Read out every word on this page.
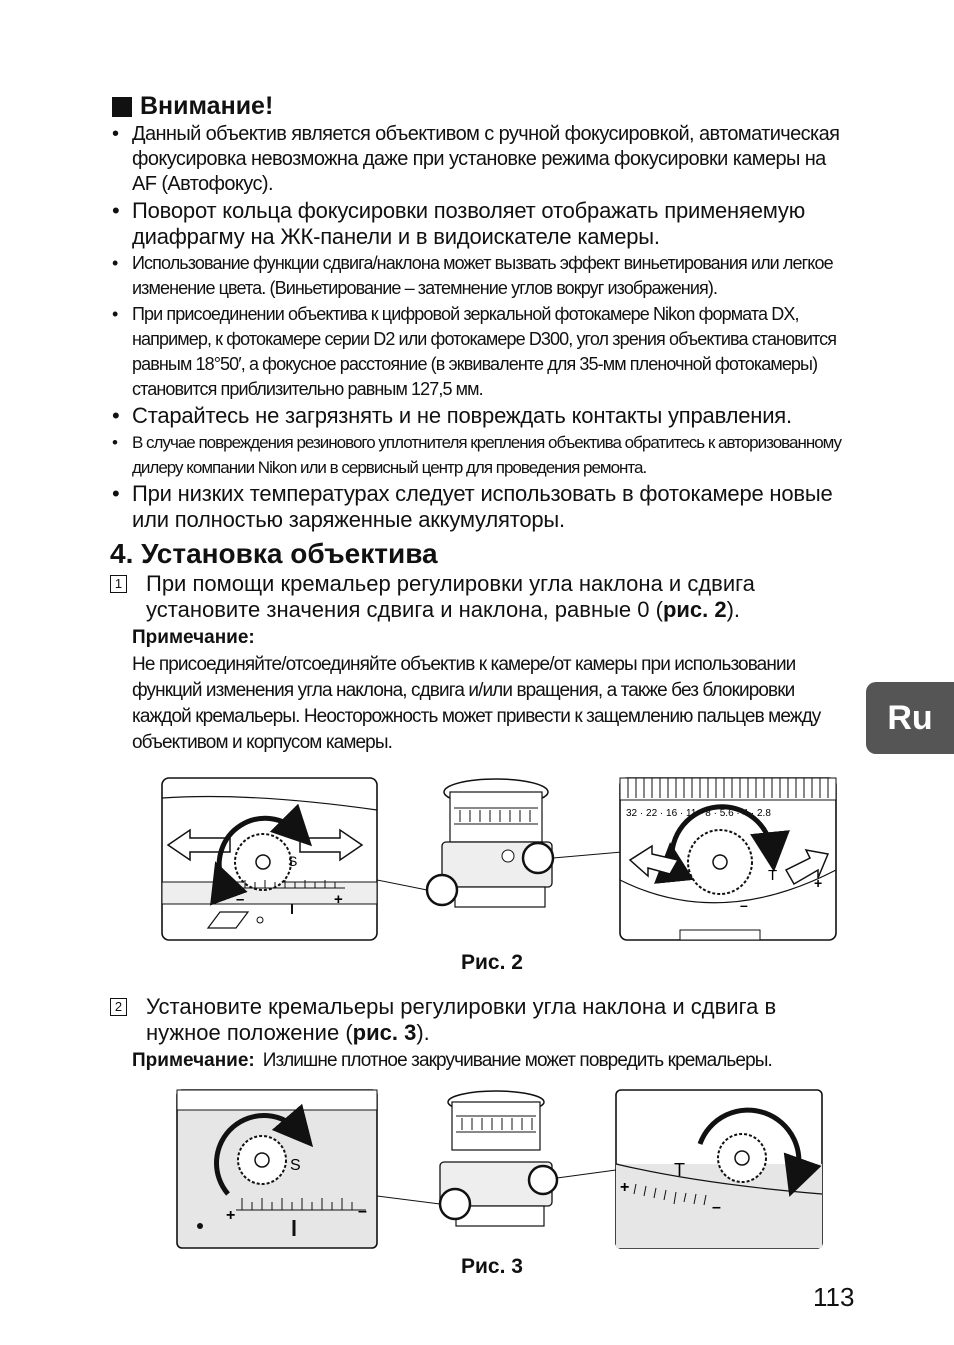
Внимание!
• Данный объектив является объективом с ручной фокусировкой, автоматическая фокусировка невозможна даже при установке режима фокусировки камеры на AF (Автофокус).
• Поворот кольца фокусировки позволяет отображать применяемую диафрагму на ЖК-панели и в видоискателе камеры.
• Использование функции сдвига/наклона может вызвать эффект виньетирования или легкое изменение цвета. (Виньетирование – затемнение углов вокруг изображения).
• При присоединении объектива к цифровой зеркальной фотокамере Nikon формата DX, например, к фотокамере серии D2 или фотокамере D300, угол зрения объектива становится равным 18°50′, а фокусное расстояние (в эквиваленте для 35-мм пленочной фотокамеры) становится приблизительно равным 127,5 мм.
• Старайтесь не загрязнять и не повреждать контакты управления.
• В случае повреждения резинового уплотнителя крепления объектива обратитесь к авторизованному дилеру компании Nikon или в сервисный центр для проведения ремонта.
• При низких температурах следует использовать в фотокамере новые или полностью заряженные аккумуляторы.
4. Установка объектива
1	При помощи кремальер регулировки угла наклона и сдвига установите значения сдвига и наклона, равные 0 (рис. 2).
Примечание:
Не присоединяйте/отсоединяйте объектив к камере/от камеры при использовании функций изменения угла наклона, сдвига и/или вращения, а также без блокировки каждой кремальеры. Неосторожность может привести к защемлению пальцев между объективом и корпусом камеры.
S
–	+
32 · 22 · 16 · 11 · 8 · 5.6 · 4 · 2.8
T
–
+
Рис. 2
2	Установите кремальеры регулировки угла наклона и сдвига в нужное положение (рис. 3).
Примечание: Излишне плотное закручивание может повредить кремальеры.
S
+	–
T
+
–
Рис. 3
Ru
113
